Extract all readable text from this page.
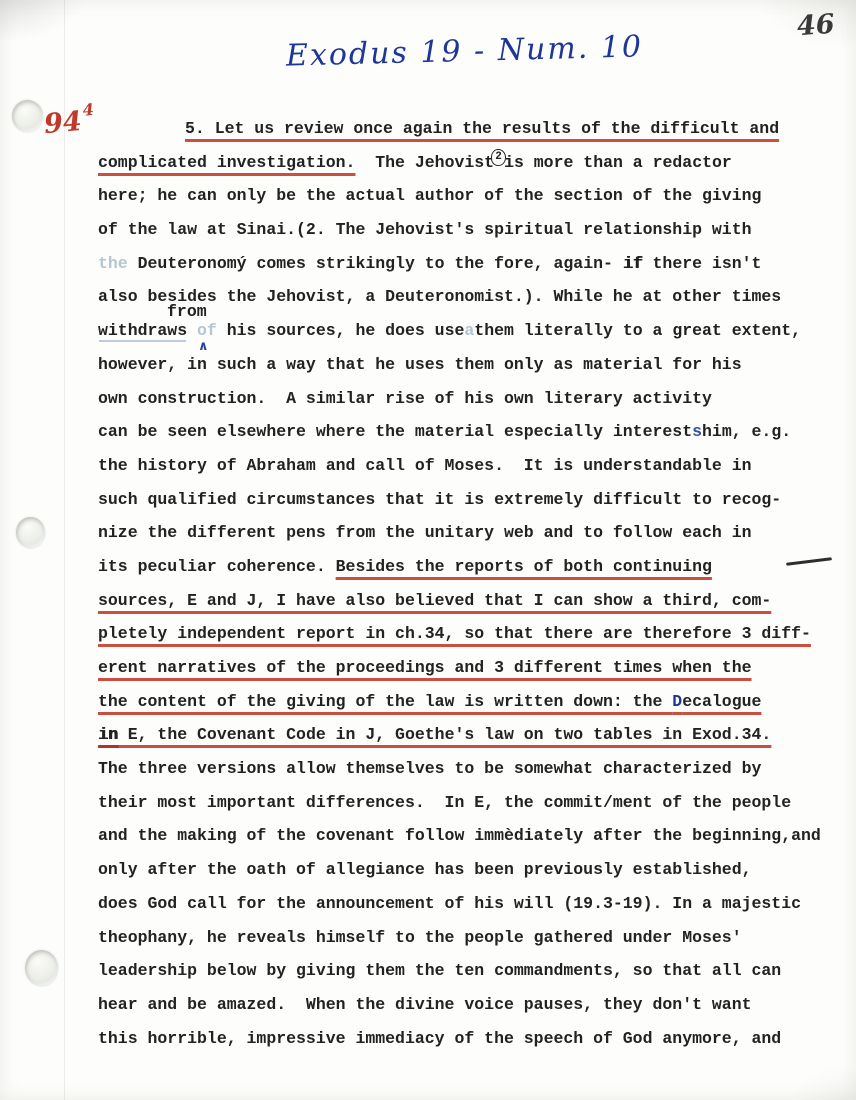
Exodus 19 - Num. 10
46
$94^4$
5. Let us review once again the results of the difficult and
complicated investigation.  The Jehovist2 is more than a redactor
here; he can only be the actual author of the section of the giving
of the law at Sinai.(2. The Jehovist's spiritual relationship with
the Deuteronomý comes strikingly to the fore, again- if there isn't
also besides the Jehovist, a Deuteronomist.). While he at other times
withdraws of
from
∧
his sources, he does useathem literally to a great extent,
however, in such a way that he uses them only as material for his
own construction.  A similar rise of his own literary activity
can be seen elsewhere where the material especially interestshim, e.g.
the history of Abraham and call of Moses.  It is understandable in
such qualified circumstances that it is extremely difficult to recog-
nize the different pens from the unitary web and to follow each in
its peculiar coherence. Besides the reports of both continuing
sources, E and J, I have also believed that I can show a third, com-
pletely independent report in ch.34, so that there are therefore 3 diff-
erent narratives of the proceedings and 3 different times when the
the content of the giving of the law is written down: the Decalogue
in E, the Covenant Code in J, Goethe's law on two tables in Exod.34.
The three versions allow themselves to be somewhat characterized by
their most important differences.  In E, the commit/ment of the people
and the making of the covenant follow immèdiately after the beginning,and
only after the oath of allegiance has been previously established,
does God call for the announcement of his will (19.3-19). In a majestic
theophany, he reveals himself to the people gathered under Moses'
leadership below by giving them the ten commandments, so that all can
hear and be amazed.  When the divine voice pauses, they don't want
this horrible, impressive immediacy of the speech of God anymore, and
